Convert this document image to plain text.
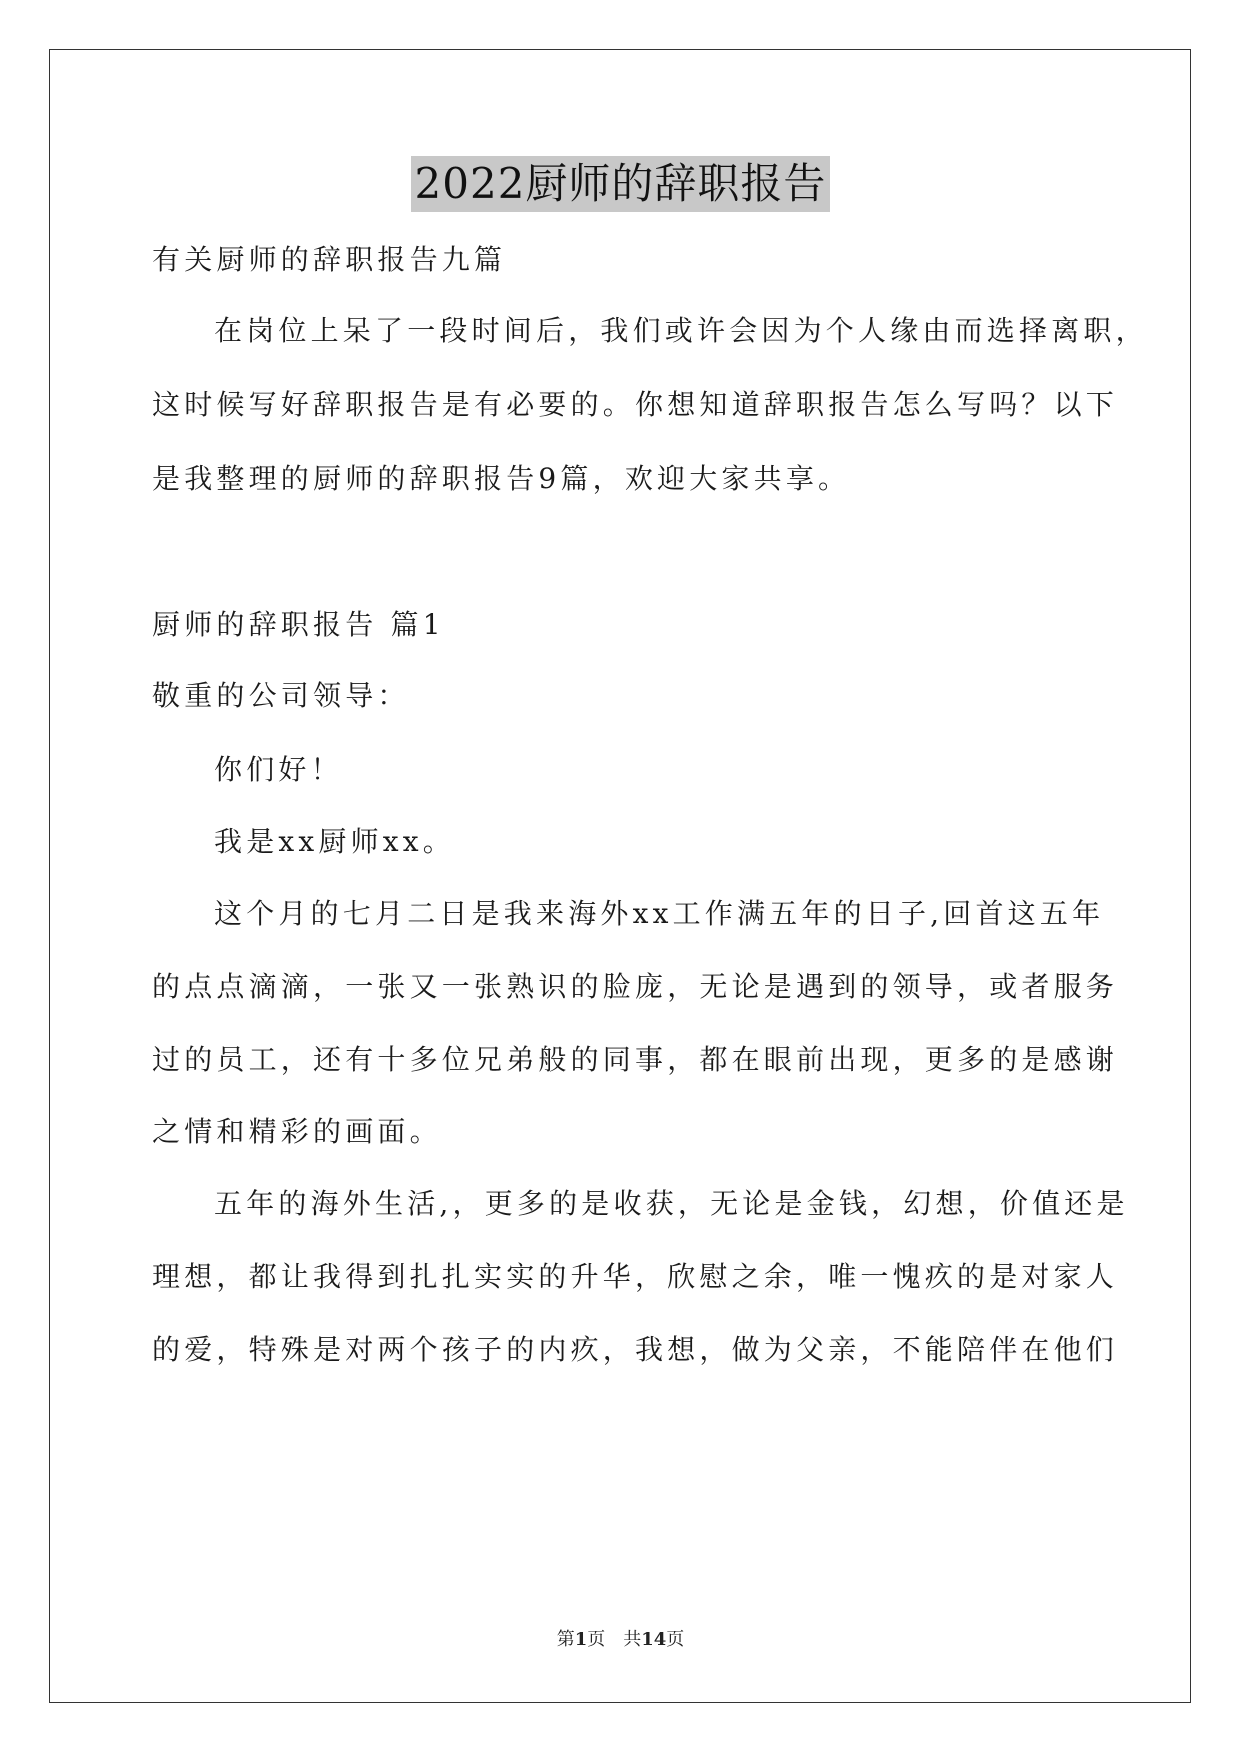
2022厨师的辞职报告
有关厨师的辞职报告九篇
在岗位上呆了一段时间后，我们或许会因为个人缘由而选择离职，
这时候写好辞职报告是有必要的。你想知道辞职报告怎么写吗？以下
是我整理的厨师的辞职报告9篇，欢迎大家共享。
厨师的辞职报告 篇1
敬重的公司领导：
你们好！
我是xx厨师xx。
这个月的七月二日是我来海外xx工作满五年的日子,回首这五年
的点点滴滴，一张又一张熟识的脸庞，无论是遇到的领导，或者服务
过的员工，还有十多位兄弟般的同事，都在眼前出现，更多的是感谢
之情和精彩的画面。
五年的海外生活,，更多的是收获，无论是金钱，幻想，价值还是
理想，都让我得到扎扎实实的升华，欣慰之余，唯一愧疚的是对家人
的爱，特殊是对两个孩子的内疚，我想，做为父亲，不能陪伴在他们
第1页 共14页
